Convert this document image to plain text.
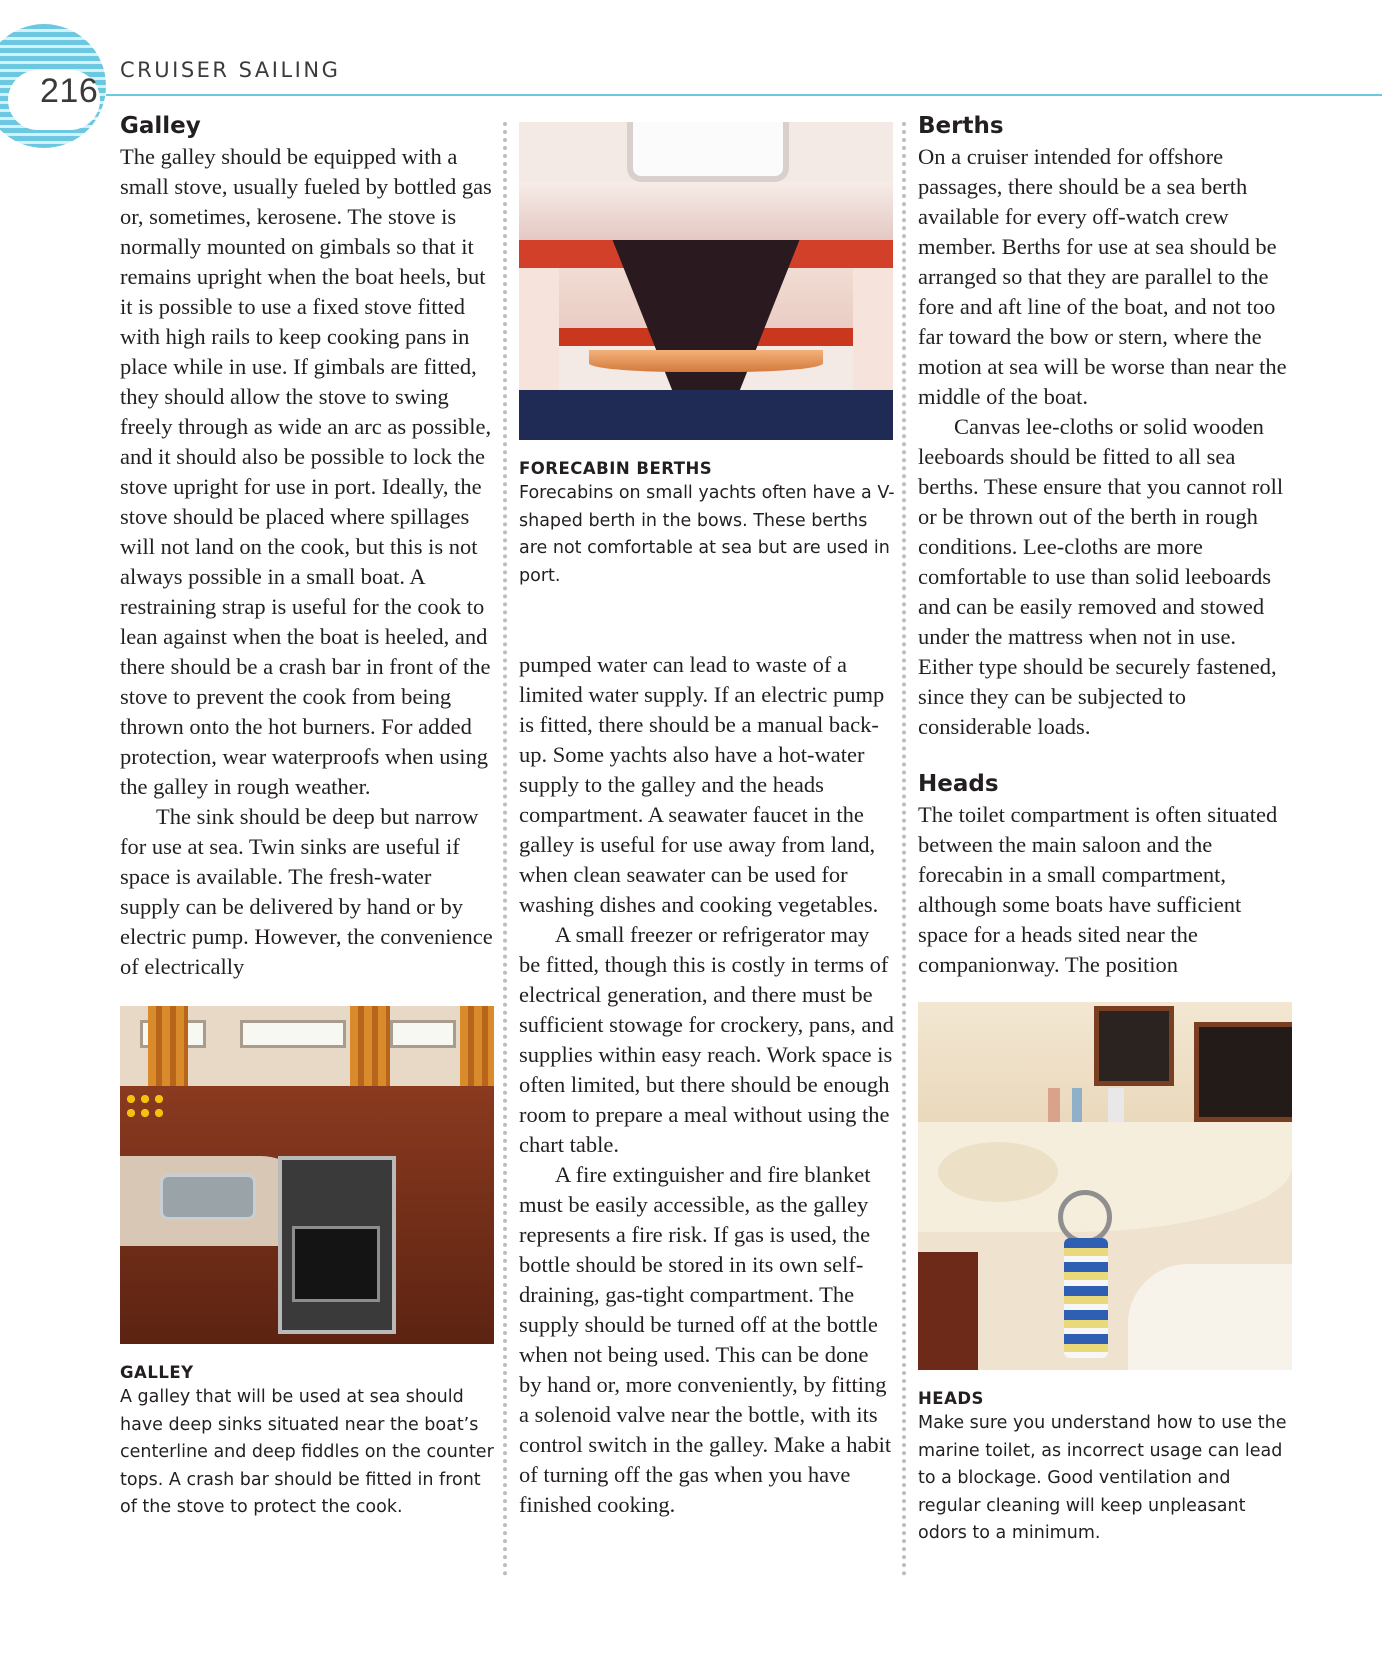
216
CRUISER SAILING
Galley

The galley should be equipped with a small stove, usually fueled by bottled gas or, sometimes, kerosene. The stove is normally mounted on gimbals so that it remains upright when the boat heels, but it is possible to use a fixed stove fitted with high rails to keep cooking pans in place while in use. If gimbals are fitted, they should allow the stove to swing freely through as wide an arc as possible, and it should also be possible to lock the stove upright for use in port. Ideally, the stove should be placed where spillages will not land on the cook, but this is not always possible in a small boat. A restraining strap is useful for the cook to lean against when the boat is heeled, and there should be a crash bar in front of the stove to prevent the cook from being thrown onto the hot burners. For added protection, wear waterproofs when using the galley in rough weather.

The sink should be deep but narrow for use at sea. Twin sinks are useful if space is available. The fresh-water supply can be delivered by hand or by electric pump. However, the convenience of electrically

GALLEY

A galley that will be used at sea should have deep sinks situated near the boat’s centerline and deep fiddles on the counter tops. A crash bar should be fitted in front of the stove to protect the cook.

FORECABIN BERTHS

Forecabins on small yachts often have a V-shaped berth in the bows. These berths are not comfortable at sea but are used in port.

pumped water can lead to waste of a limited water supply. If an electric pump is fitted, there should be a manual back-up. Some yachts also have a hot-water supply to the galley and the heads compartment. A seawater faucet in the galley is useful for use away from land, when clean seawater can be used for washing dishes and cooking vegetables.

A small freezer or refrigerator may be fitted, though this is costly in terms of electrical generation, and there must be sufficient stowage for crockery, pans, and supplies within easy reach. Work space is often limited, but there should be enough room to prepare a meal without using the chart table.

A fire extinguisher and fire blanket must be easily accessible, as the galley represents a fire risk. If gas is used, the bottle should be stored in its own self-draining, gas-tight compartment. The supply should be turned off at the bottle when not being used. This can be done by hand or, more conveniently, by fitting a solenoid valve near the bottle, with its control switch in the galley. Make a habit of turning off the gas when you have finished cooking.

Berths

On a cruiser intended for offshore passages, there should be a sea berth available for every off-watch crew member. Berths for use at sea should be arranged so that they are parallel to the fore and aft line of the boat, and not too far toward the bow or stern, where the motion at sea will be worse than near the middle of the boat.

Canvas lee-cloths or solid wooden leeboards should be fitted to all sea berths. These ensure that you cannot roll or be thrown out of the berth in rough conditions. Lee-cloths are more comfortable to use than solid leeboards and can be easily removed and stowed under the mattress when not in use. Either type should be securely fastened, since they can be subjected to considerable loads.

Heads

The toilet compartment is often situated between the main saloon and the forecabin in a small compartment, although some boats have sufficient space for a heads sited near the companionway. The position

HEADS

Make sure you understand how to use the marine toilet, as incorrect usage can lead to a blockage. Good ventilation and regular cleaning will keep unpleasant odors to a minimum.
